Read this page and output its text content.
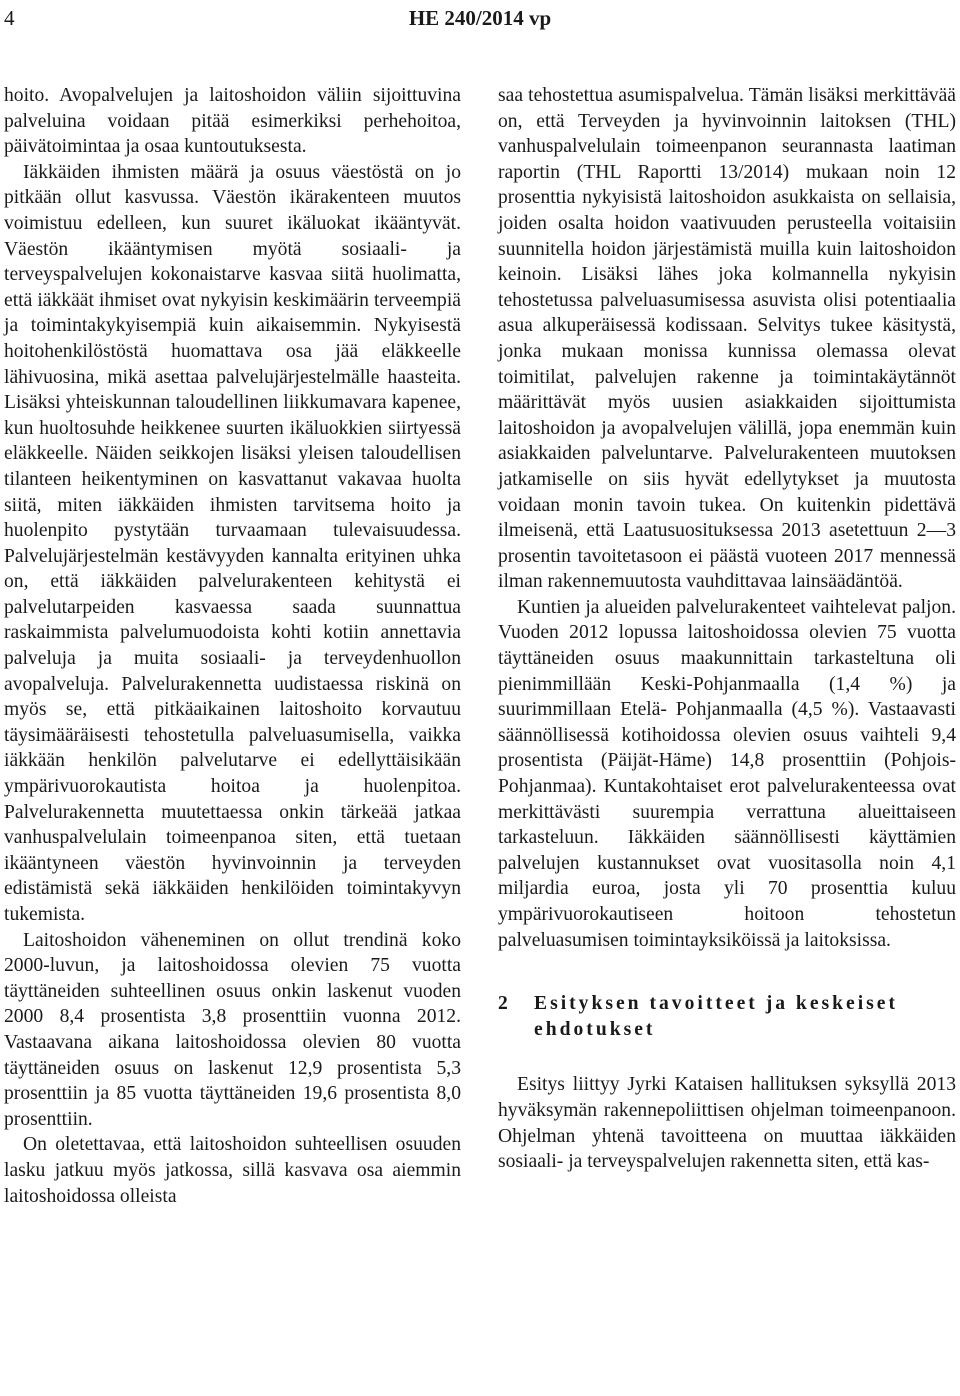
4	HE 240/2014 vp

hoito. Avopalvelujen ja laitoshoidon väliin sijoittuvina palveluina voidaan pitää esimerkiksi perhehoitoa, päivätoimintaa ja osaa kuntoutuksesta.

Iäkkäiden ihmisten määrä ja osuus väestöstä on jo pitkään ollut kasvussa. Väestön ikärakenteen muutos voimistuu edelleen, kun suuret ikäluokat ikääntyvät. Väestön ikääntymisen myötä sosiaali- ja terveyspalvelujen kokonaistarve kasvaa siitä huolimatta, että iäkkäät ihmiset ovat nykyisin keskimäärin terveempiä ja toimintakykyisempiä kuin aikaisemmin. Nykyisestä hoitohenkilöstöstä huomattava osa jää eläkkeelle lähivuosina, mikä asettaa palvelujärjestelmälle haasteita. Lisäksi yhteiskunnan taloudellinen liikkumavara kapenee, kun huoltosuhde heikkenee suurten ikäluokkien siirtyessä eläkkeelle. Näiden seikkojen lisäksi yleisen taloudellisen tilanteen heikentyminen on kasvattanut vakavaa huolta siitä, miten iäkkäiden ihmisten tarvitsema hoito ja huolenpito pystytään turvaamaan tulevaisuudessa. Palvelujärjestelmän kestävyyden kannalta erityinen uhka on, että iäkkäiden palvelurakenteen kehitystä ei palvelutarpeiden kasvaessa saada suunnattua raskaimmista palvelumuodoista kohti kotiin annettavia palveluja ja muita sosiaali- ja terveydenhuollon avopalveluja. Palvelurakennetta uudistaessa riskinä on myös se, että pitkäaikainen laitoshoito korvautuu täysimääräisesti tehostetulla palveluasumisella, vaikka iäkkään henkilön palvelutarve ei edellyttäisikään ympärivuorokautista hoitoa ja huolenpitoa. Palvelurakennetta muutettaessa onkin tärkeää jatkaa vanhuspalvelulain toimeenpanoa siten, että tuetaan ikääntyneen väestön hyvinvoinnin ja terveyden edistämistä sekä iäkkäiden henkilöiden toimintakyvyn tukemista.

Laitoshoidon väheneminen on ollut trendinä koko 2000-luvun, ja laitoshoidossa olevien 75 vuotta täyttäneiden suhteellinen osuus onkin laskenut vuoden 2000 8,4 prosentista 3,8 prosenttiin vuonna 2012. Vastaavana aikana laitoshoidossa olevien 80 vuotta täyttäneiden osuus on laskenut 12,9 prosentista 5,3 prosenttiin ja 85 vuotta täyttäneiden 19,6 prosentista 8,0 prosenttiin.

On oletettavaa, että laitoshoidon suhteellisen osuuden lasku jatkuu myös jatkossa, sillä kasvava osa aiemmin laitoshoidossa olleista

saa tehostettua asumispalvelua. Tämän lisäksi merkittävää on, että Terveyden ja hyvinvoinnin laitoksen (THL) vanhuspalvelulain toimeenpanon seurannasta laatiman raportin (THL Raportti 13/2014) mukaan noin 12 prosenttia nykyisistä laitoshoidon asukkaista on sellaisia, joiden osalta hoidon vaativuuden perusteella voitaisiin suunnitella hoidon järjestämistä muilla kuin laitoshoidon keinoin. Lisäksi lähes joka kolmannella nykyisin tehostetussa palveluasumisessa asuvista olisi potentiaalia asua alkuperäisessä kodissaan. Selvitys tukee käsitystä, jonka mukaan monissa kunnissa olemassa olevat toimitilat, palvelujen rakenne ja toimintakäytännöt määrittävät myös uusien asiakkaiden sijoittumista laitoshoidon ja avopalvelujen välillä, jopa enemmän kuin asiakkaiden palveluntarve. Palvelurakenteen muutoksen jatkamiselle on siis hyvät edellytykset ja muutosta voidaan monin tavoin tukea. On kuitenkin pidettävä ilmeisenä, että Laatusuosituksessa 2013 asetettuun 2—3 prosentin tavoitetasoon ei päästä vuoteen 2017 mennessä ilman rakennemuutosta vauhdittavaa lainsäädäntöä.

Kuntien ja alueiden palvelurakenteet vaihtelevat paljon. Vuoden 2012 lopussa laitoshoidossa olevien 75 vuotta täyttäneiden osuus maakunnittain tarkasteltuna oli pienimmillään Keski-Pohjanmaalla (1,4 %) ja suurimmillaan Etelä- Pohjanmaalla (4,5 %). Vastaavasti säännöllisessä kotihoidossa olevien osuus vaihteli 9,4 prosentista (Päijät-Häme) 14,8 prosenttiin (Pohjois-Pohjanmaa). Kuntakohtaiset erot palvelurakenteessa ovat merkittävästi suurempia verrattuna alueittaiseen tarkasteluun. Iäkkäiden säännöllisesti käyttämien palvelujen kustannukset ovat vuositasolla noin 4,1 miljardia euroa, josta yli 70 prosenttia kuluu ympärivuorokautiseen hoitoon tehostetun palveluasumisen toimintayksiköissä ja laitoksissa.

2	Esityksen tavoitteet ja keskeiset ehdotukset

Esitys liittyy Jyrki Kataisen hallituksen syksyllä 2013 hyväksymän rakennepoliittisen ohjelman toimeenpanoon. Ohjelman yhtenä tavoitteena on muuttaa iäkkäiden sosiaali- ja terveyspalvelujen rakennetta siten, että kas-
